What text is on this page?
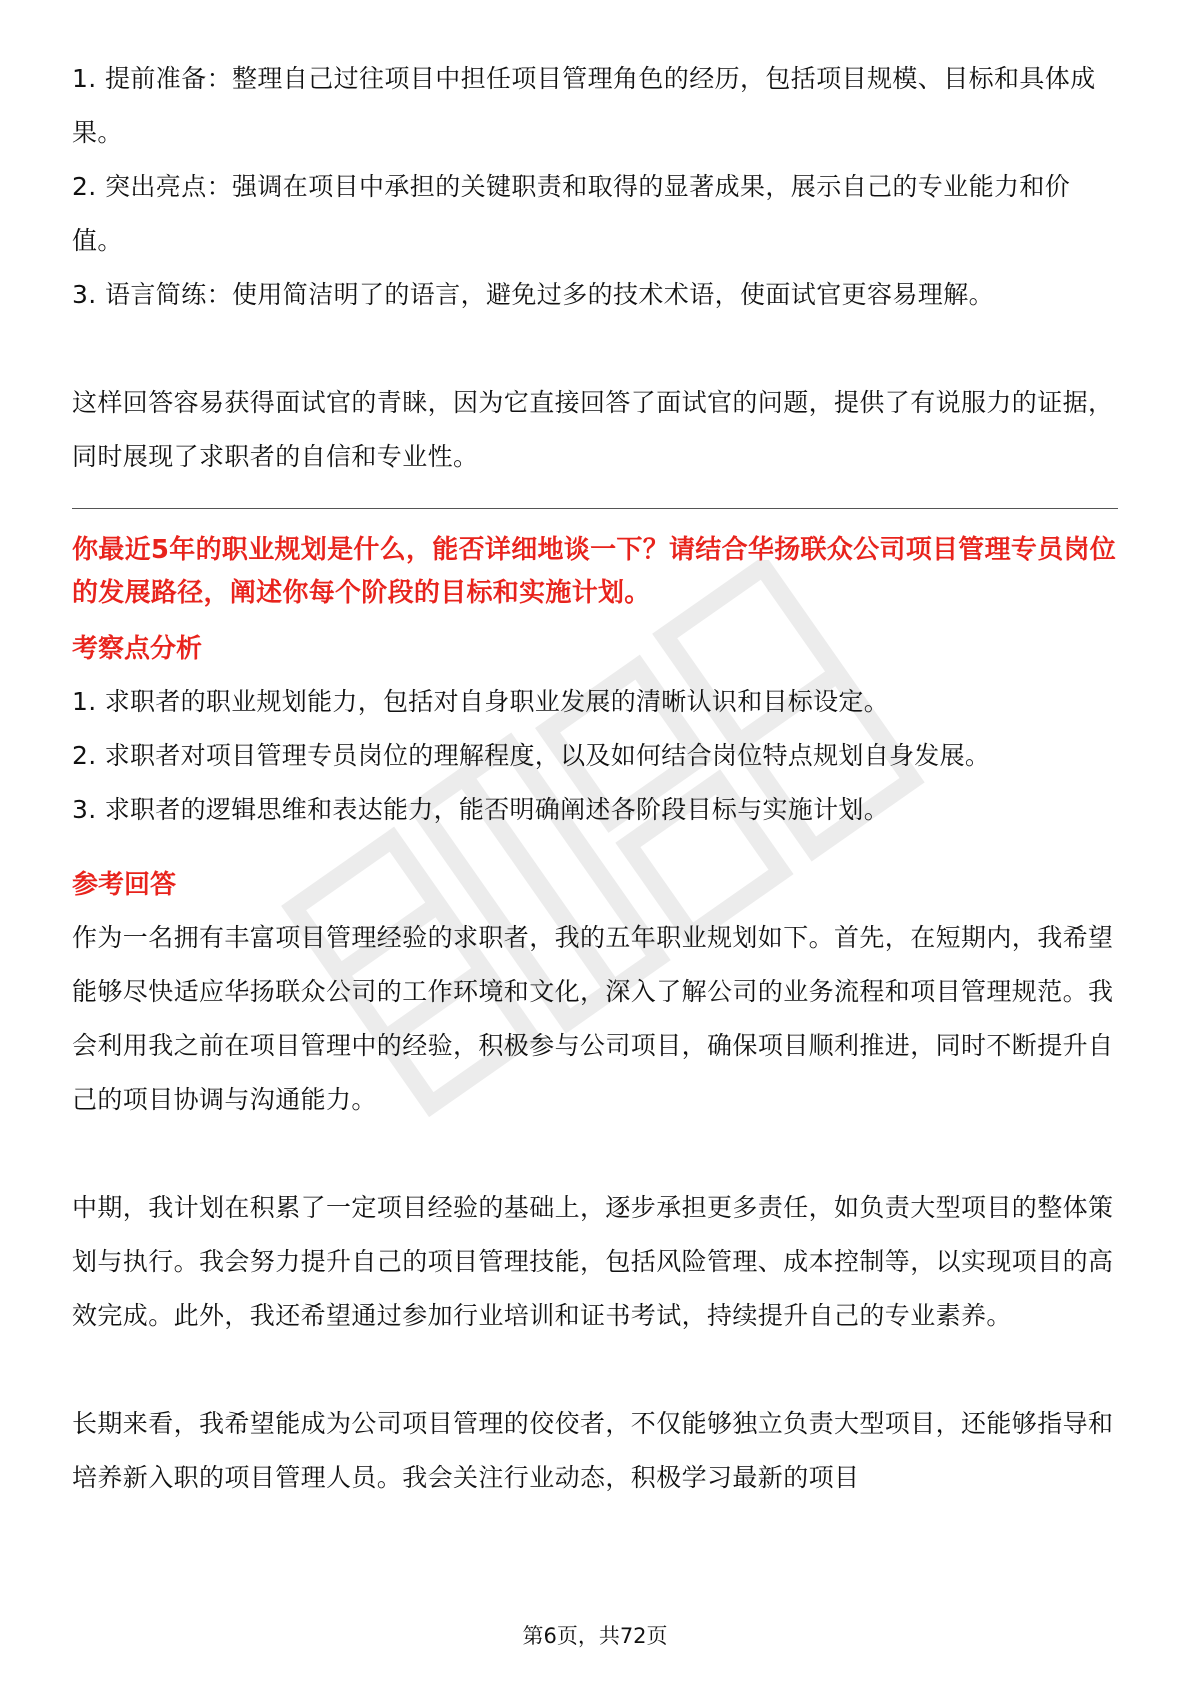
1. 提前准备：整理自己过往项目中担任项目管理角色的经历，包括项目规模、目标和具体成果。

2. 突出亮点：强调在项目中承担的关键职责和取得的显著成果，展示自己的专业能力和价值。

3. 语言简练：使用简洁明了的语言，避免过多的技术术语，使面试官更容易理解。

这样回答容易获得面试官的青睐，因为它直接回答了面试官的问题，提供了有说服力的证据，同时展现了求职者的自信和专业性。

你最近5年的职业规划是什么，能否详细地谈一下？请结合华扬联众公司项目管理专员岗位的发展路径，阐述你每个阶段的目标和实施计划。

考察点分析

1. 求职者的职业规划能力，包括对自身职业发展的清晰认识和目标设定。

2. 求职者对项目管理专员岗位的理解程度，以及如何结合岗位特点规划自身发展。

3. 求职者的逻辑思维和表达能力，能否明确阐述各阶段目标与实施计划。

参考回答

作为一名拥有丰富项目管理经验的求职者，我的五年职业规划如下。首先，在短期内，我希望能够尽快适应华扬联众公司的工作环境和文化，深入了解公司的业务流程和项目管理规范。我会利用我之前在项目管理中的经验，积极参与公司项目，确保项目顺利推进，同时不断提升自己的项目协调与沟通能力。

中期，我计划在积累了一定项目经验的基础上，逐步承担更多责任，如负责大型项目的整体策划与执行。我会努力提升自己的项目管理技能，包括风险管理、成本控制等，以实现项目的高效完成。此外，我还希望通过参加行业培训和证书考试，持续提升自己的专业素养。

长期来看，我希望能成为公司项目管理的佼佼者，不仅能够独立负责大型项目，还能够指导和培养新入职的项目管理人员。我会关注行业动态，积极学习最新的项目

第6页，共72页
